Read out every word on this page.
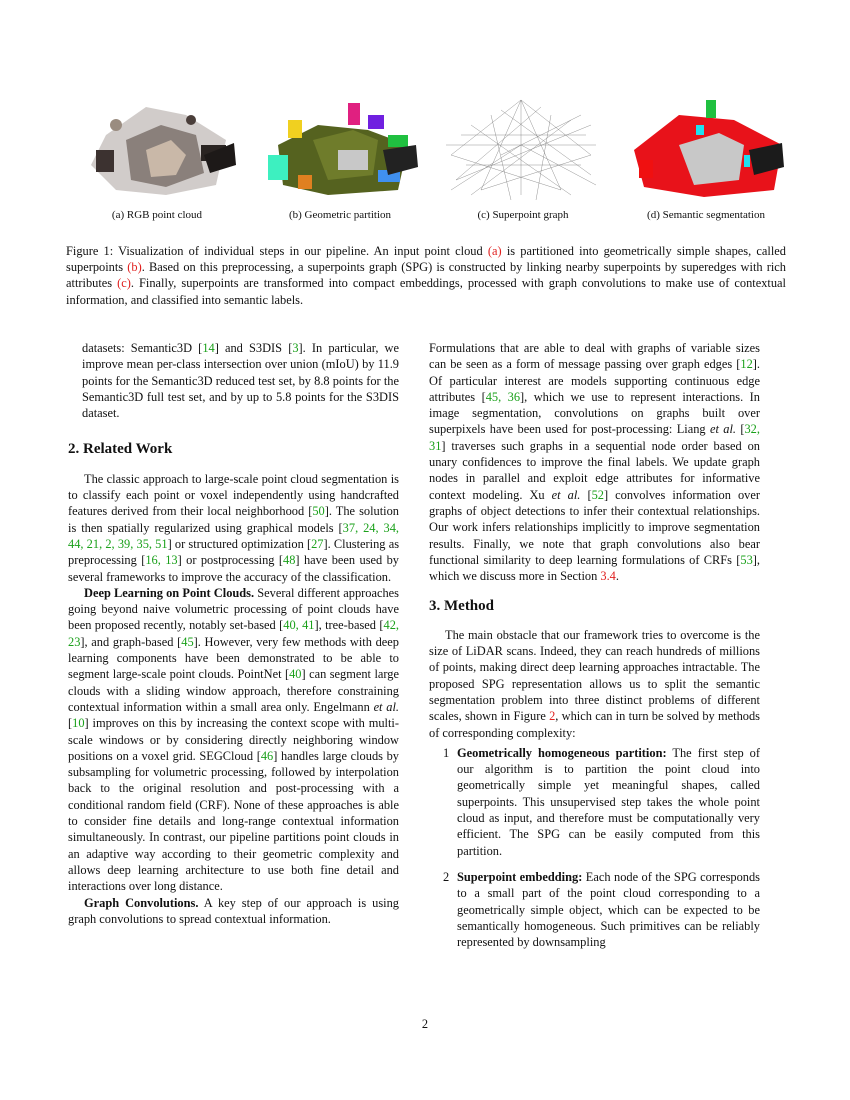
(a) RGB point cloud	(b) Geometric partition	(c) Superpoint graph	(d) Semantic segmentation
Figure 1: Visualization of individual steps in our pipeline. An input point cloud (a) is partitioned into geometrically simple shapes, called superpoints (b). Based on this preprocessing, a superpoints graph (SPG) is constructed by linking nearby superpoints by superedges with rich attributes (c). Finally, superpoints are transformed into compact embeddings, processed with graph convolutions to make use of contextual information, and classified into semantic labels.

datasets: Semantic3D [14] and S3DIS [3]. In particular, we improve mean per-class intersection over union (mIoU) by 11.9 points for the Semantic3D reduced test set, by 8.8 points for the Semantic3D full test set, and by up to 5.8 points for the S3DIS dataset.

2. Related Work

The classic approach to large-scale point cloud segmentation is to classify each point or voxel independently using handcrafted features derived from their local neighborhood [50]. The solution is then spatially regularized using graphical models [37, 24, 34, 44, 21, 2, 39, 35, 51] or structured optimization [27]. Clustering as preprocessing [16, 13] or postprocessing [48] have been used by several frameworks to improve the accuracy of the classification.

Deep Learning on Point Clouds. Several different approaches going beyond naive volumetric processing of point clouds have been proposed recently, notably set-based [40, 41], tree-based [42, 23], and graph-based [45]. However, very few methods with deep learning components have been demonstrated to be able to segment large-scale point clouds. PointNet [40] can segment large clouds with a sliding window approach, therefore constraining contextual information within a small area only. Engelmann et al. [10] improves on this by increasing the context scope with multi-scale windows or by considering directly neighboring window positions on a voxel grid. SEGCloud [46] handles large clouds by subsampling for volumetric processing, followed by interpolation back to the original resolution and post-processing with a conditional random field (CRF). None of these approaches is able to consider fine details and long-range contextual information simultaneously. In contrast, our pipeline partitions point clouds in an adaptive way according to their geometric complexity and allows deep learning architecture to use both fine detail and interactions over long distance.

Graph Convolutions. A key step of our approach is using graph convolutions to spread contextual information.

Formulations that are able to deal with graphs of variable sizes can be seen as a form of message passing over graph edges [12]. Of particular interest are models supporting continuous edge attributes [45, 36], which we use to represent interactions. In image segmentation, convolutions on graphs built over superpixels have been used for post-processing: Liang et al. [32, 31] traverses such graphs in a sequential node order based on unary confidences to improve the final labels. We update graph nodes in parallel and exploit edge attributes for informative context modeling. Xu et al. [52] convolves information over graphs of object detections to infer their contextual relationships. Our work infers relationships implicitly to improve segmentation results. Finally, we note that graph convolutions also bear functional similarity to deep learning formulations of CRFs [53], which we discuss more in Section 3.4.

3. Method

The main obstacle that our framework tries to overcome is the size of LiDAR scans. Indeed, they can reach hundreds of millions of points, making direct deep learning approaches intractable. The proposed SPG representation allows us to split the semantic segmentation problem into three distinct problems of different scales, shown in Figure 2, which can in turn be solved by methods of corresponding complexity:

1 Geometrically homogeneous partition: The first step of our algorithm is to partition the point cloud into geometrically simple yet meaningful shapes, called superpoints. This unsupervised step takes the whole point cloud as input, and therefore must be computationally very efficient. The SPG can be easily computed from this partition.
2 Superpoint embedding: Each node of the SPG corresponds to a small part of the point cloud corresponding to a geometrically simple object, which can be expected to be semantically homogeneous. Such primitives can be reliably represented by downsampling
2
